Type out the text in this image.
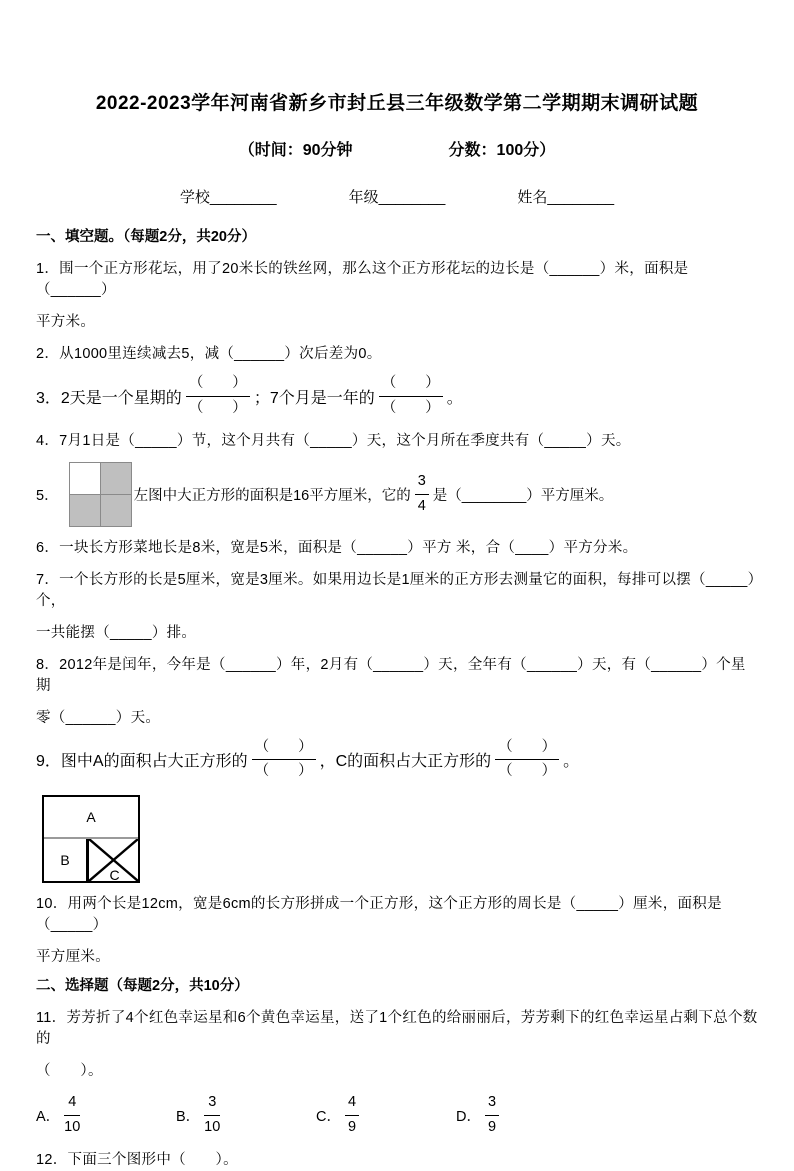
2022-2023学年河南省新乡市封丘县三年级数学第二学期期末调研试题
（时间：90分钟	分数：100分）
学校________	年级________	姓名________
一、填空题。（每题2分，共20分）
1．围一个正方形花坛，用了20米长的铁丝网，那么这个正方形花坛的边长是（______）米，面积是（______）
平方米。
2．从1000里连续减去5，减（______）次后差为0。
3．2天是一个星期的 $\frac{( )}{( )}$ ；7个月是一年的 $\frac{( )}{( )}$ 。
4．7月1日是（_____）节，这个月共有（_____）天，这个月所在季度共有（_____）天。
5．	左图中大正方形的面积是16平方厘米，它的 $\frac{3}{4}$ 是（________）平方厘米。
6．一块长方形菜地长是8米，宽是5米，面积是（______）平方 米，合（____）平方分米。
7．一个长方形的长是5厘米，宽是3厘米。如果用边长是1厘米的正方形去测量它的面积，每排可以摆（_____）个，
一共能摆（_____）排。
8．2012年是闰年，今年是（______）年，2月有（______）天，全年有（______）天，有（______）个星期
零（______）天。
9．图中A的面积占大正方形的 $\frac{( )}{( )}$ ，C的面积占大正方形的 $\frac{( )}{( )}$ 。
A
B
C
10．用两个长是12cm，宽是6cm的长方形拼成一个正方形，这个正方形的周长是（_____）厘米，面积是（_____）
平方厘米。
二、选择题（每题2分，共10分）
11．芳芳折了4个红色幸运星和6个黄色幸运星，送了1个红色的给丽丽后，芳芳剩下的红色幸运星占剩下总个数的
（　　）。
A． $\frac{4}{10}$	B． $\frac{3}{10}$	C． $\frac{4}{9}$	D． $\frac{3}{9}$
12．下面三个图形中（　　）。
